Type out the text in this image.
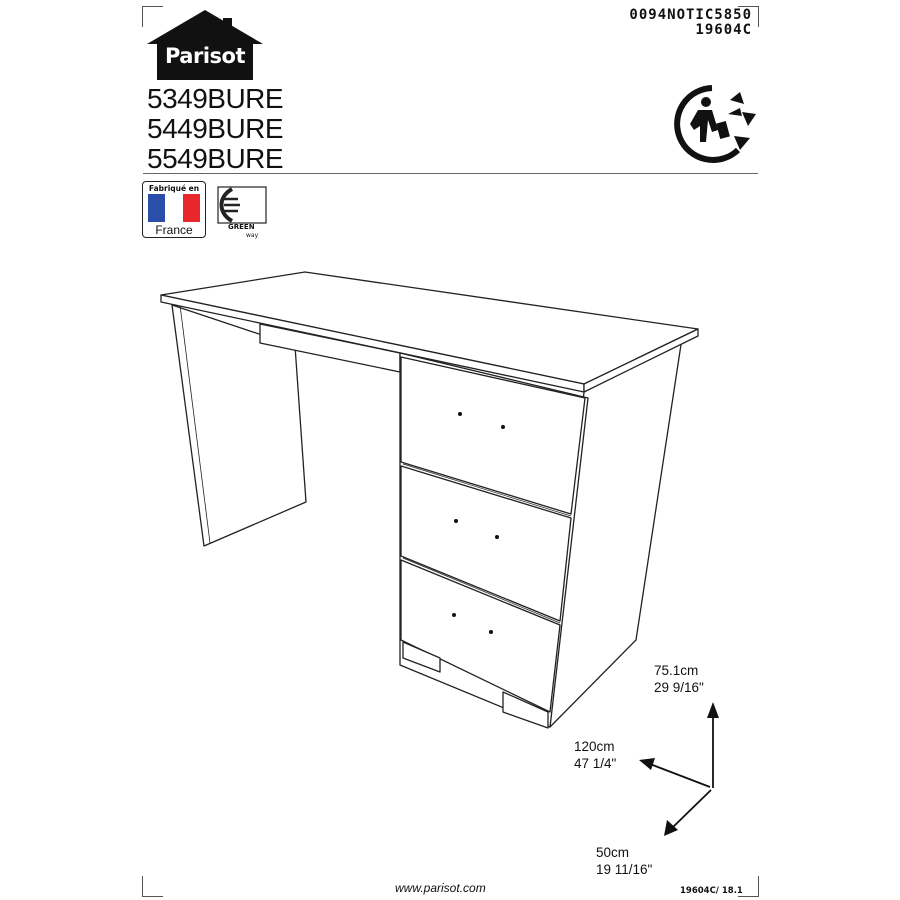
Parisot
5349BURE
5449BURE
5549BURE
0094NOTIC5850
19604C
Fabriqué en
France	GREEN
way
75.1cm
29 9/16"
120cm
47 1/4"
50cm
19 11/16"
www.parisot.com	19604C/ 18.1
